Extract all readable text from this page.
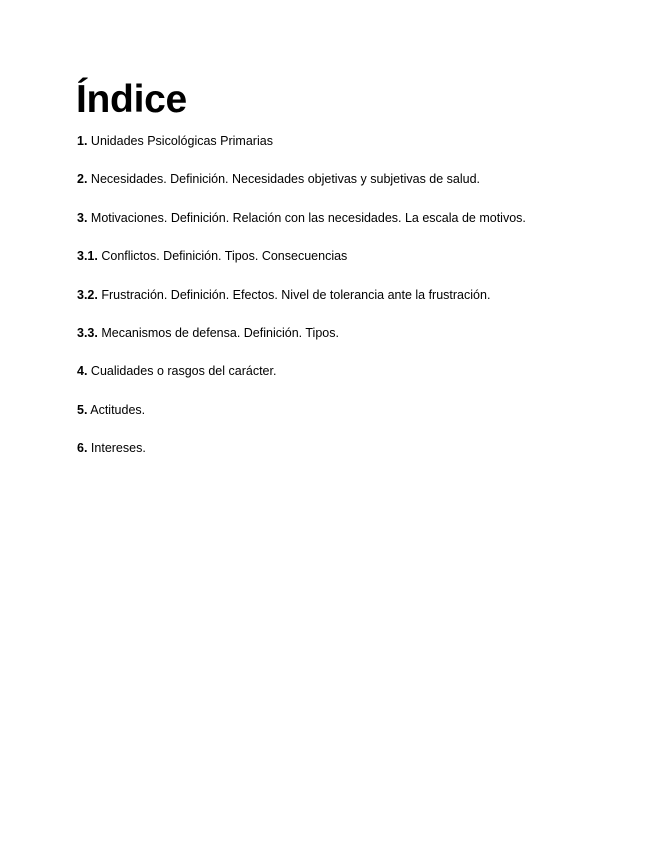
Índice
1. Unidades Psicológicas Primarias
2. Necesidades. Definición. Necesidades objetivas y subjetivas de salud.
3. Motivaciones. Definición. Relación con las necesidades. La escala de motivos.
3.1. Conflictos. Definición. Tipos. Consecuencias
3.2. Frustración. Definición. Efectos. Nivel de tolerancia ante la frustración.
3.3. Mecanismos de defensa. Definición. Tipos.
4. Cualidades o rasgos del carácter.
5. Actitudes.
6. Intereses.
